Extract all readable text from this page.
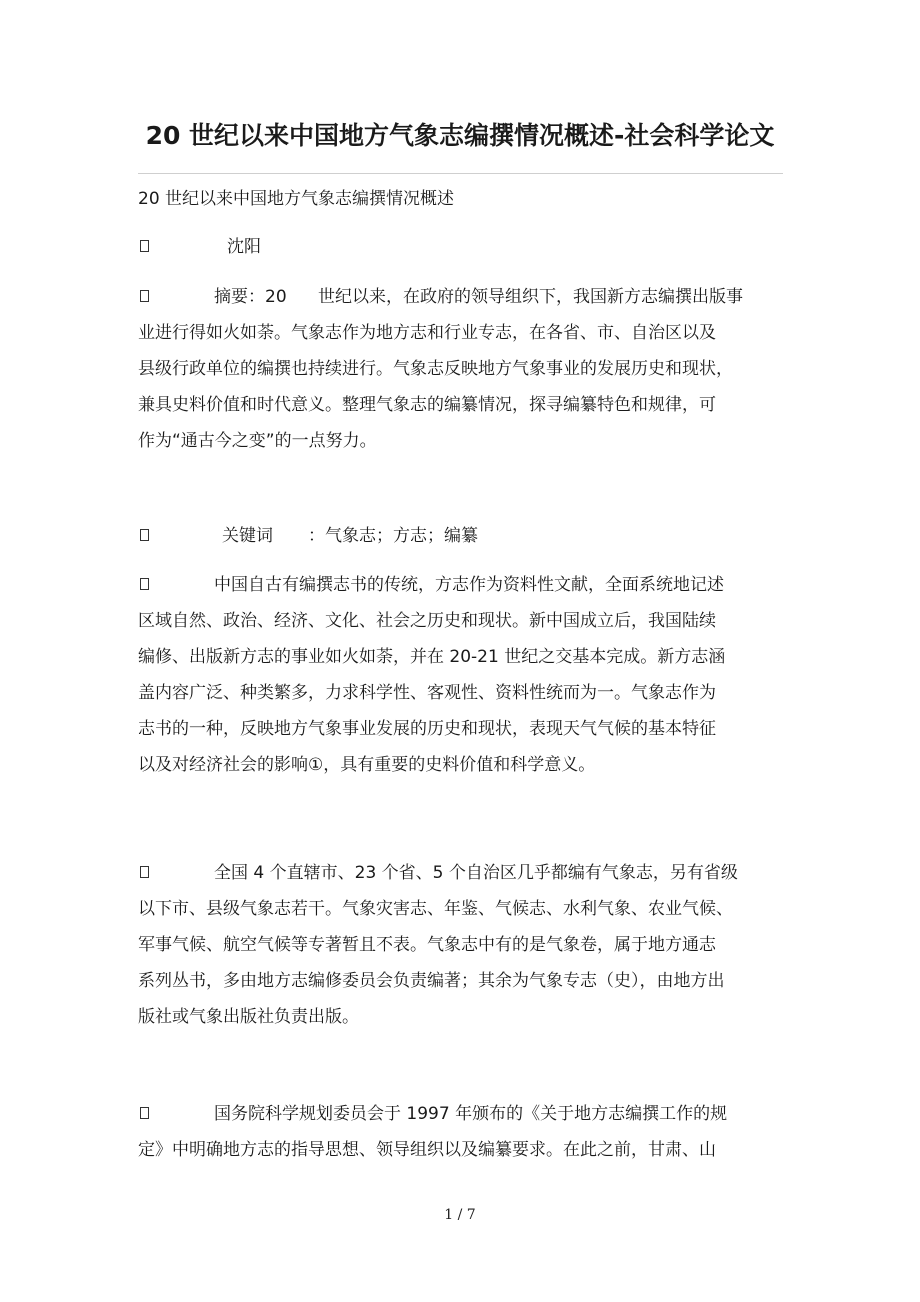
20 世纪以来中国地方气象志编撰情况概述-社会科学论文
20 世纪以来中国地方气象志编撰情况概述
沈阳
摘要：20 世纪以来，在政府的领导组织下，我国新方志编撰出版事
业进行得如火如荼。气象志作为地方志和行业专志，在各省、市、自治区以及
县级行政单位的编撰也持续进行。气象志反映地方气象事业的发展历史和现状，
兼具史料价值和时代意义。整理气象志的编纂情况，探寻编纂特色和规律，可
作为“通古今之变”的一点努力。
关键词 ：气象志；方志；编纂
中国自古有编撰志书的传统，方志作为资料性文献，全面系统地记述
区域自然、政治、经济、文化、社会之历史和现状。新中国成立后，我国陆续
编修、出版新方志的事业如火如荼，并在 20-21 世纪之交基本完成。新方志涵
盖内容广泛、种类繁多，力求科学性、客观性、资料性统而为一。气象志作为
志书的一种，反映地方气象事业发展的历史和现状，表现天气气候的基本特征
以及对经济社会的影响①，具有重要的史料价值和科学意义。
全国 4 个直辖市、23 个省、5 个自治区几乎都编有气象志，另有省级
以下市、县级气象志若干。气象灾害志、年鉴、气候志、水利气象、农业气候、
军事气候、航空气候等专著暂且不表。气象志中有的是气象卷，属于地方通志
系列丛书，多由地方志编修委员会负责编著；其余为气象专志（史），由地方出
版社或气象出版社负责出版。
国务院科学规划委员会于 1997 年颁布的《关于地方志编撰工作的规
定》中明确地方志的指导思想、领导组织以及编纂要求。在此之前，甘肃、山
1 / 7
